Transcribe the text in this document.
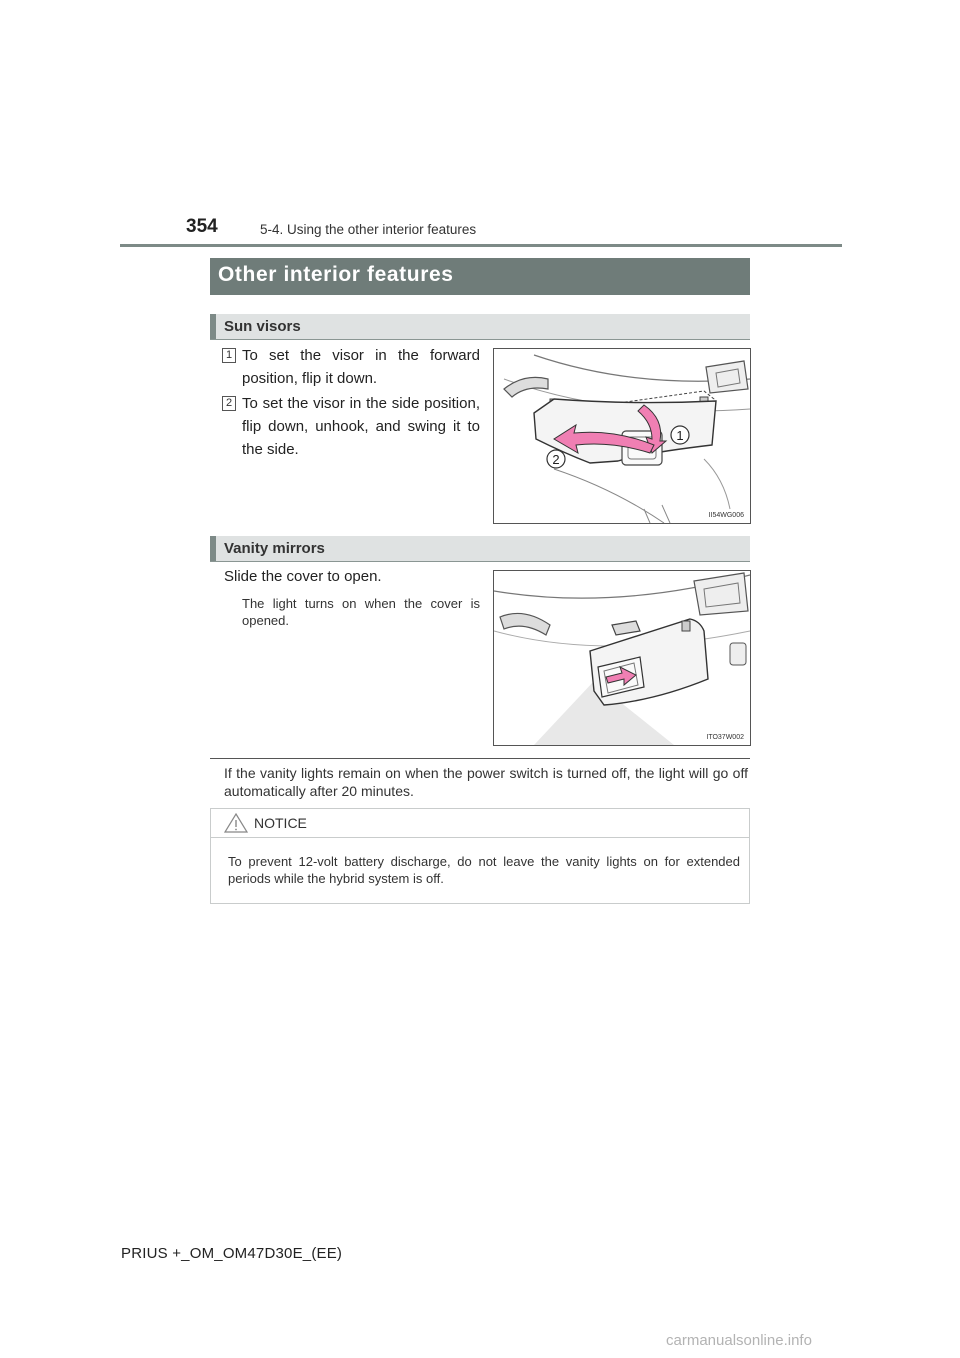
354	5-4. Using the other interior features
Other interior features
Sun visors
1 To set the visor in the forward position, flip it down.
2 To set the visor in the side position, flip down, unhook, and swing it to the side.
1
2
II54WG006
Vanity mirrors
Slide the cover to open.
The light turns on when the cover is opened.
ITO37W002
If the vanity lights remain on when the power switch is turned off, the light will go off automatically after 20 minutes.
NOTICE
To prevent 12-volt battery discharge, do not leave the vanity lights on for extended periods while the hybrid system is off.
PRIUS +_OM_OM47D30E_(EE)
carmanualsonline.info
